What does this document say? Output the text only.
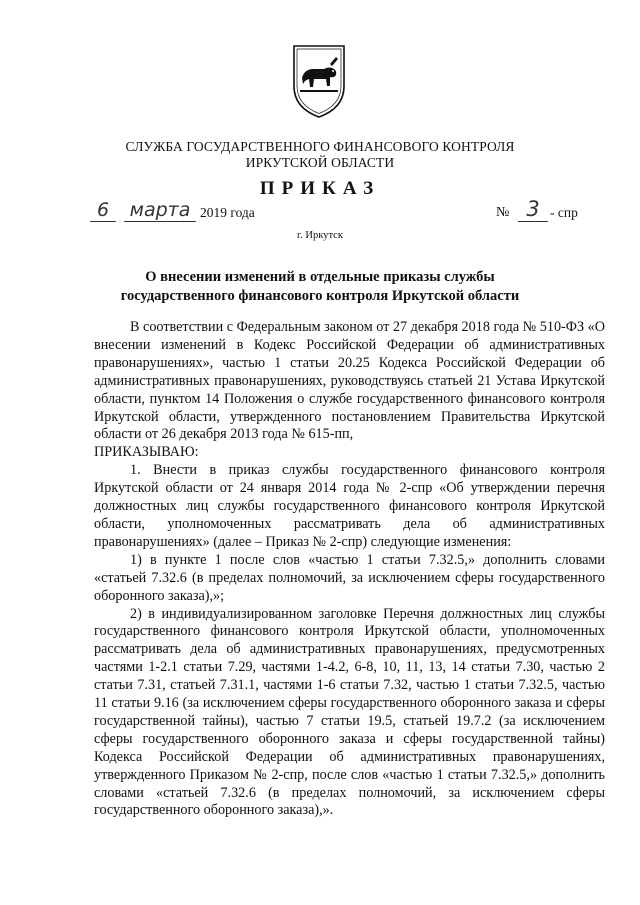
СЛУЖБА ГОСУДАРСТВЕННОГО ФИНАНСОВОГО КОНТРОЛЯ
ИРКУТСКОЙ ОБЛАСТИ
ПРИКАЗ
6	марта 2019 года	№ 3 - спр
г. Иркутск
О внесении изменений в отдельные приказы службы
государственного финансового контроля Иркутской области

В соответствии с Федеральным законом от 27 декабря 2018 года № 510-ФЗ «О внесении изменений в Кодекс Российской Федерации об административных правонарушениях», частью 1 статьи 20.25 Кодекса Российской Федерации об административных правонарушениях, руководствуясь статьей 21 Устава Иркутской области, пунктом 14 Положения о службе государственного финансового контроля Иркутской области, утвержденного постановлением Правительства Иркутской области от 26 декабря 2013 года № 615-пп,

ПРИКАЗЫВАЮ:

1. Внести в приказ службы государственного финансового контроля Иркутской области от 24 января 2014 года № 2-спр «Об утверждении перечня должностных лиц службы государственного финансового контроля Иркутской области, уполномоченных рассматривать дела об административных правонарушениях» (далее – Приказ № 2-спр) следующие изменения:

1) в пункте 1 после слов «частью 1 статьи 7.32.5,» дополнить словами «статьей 7.32.6 (в пределах полномочий, за исключением сферы государственного оборонного заказа),»;

2) в индивидуализированном заголовке Перечня должностных лиц службы государственного финансового контроля Иркутской области, уполномоченных рассматривать дела об административных правонарушениях, предусмотренных частями 1-2.1 статьи 7.29, частями 1-4.2, 6-8, 10, 11, 13, 14 статьи 7.30, частью 2 статьи 7.31, статьей 7.31.1, частями 1-6 статьи 7.32, частью 1 статьи 7.32.5, частью 11 статьи 9.16 (за исключением сферы государственного оборонного заказа и сферы государственной тайны), частью 7 статьи 19.5, статьей 19.7.2 (за исключением сферы государственного оборонного заказа и сферы государственной тайны) Кодекса Российской Федерации об административных правонарушениях, утвержденного Приказом № 2-спр, после слов «частью 1 статьи 7.32.5,» дополнить словами «статьей 7.32.6 (в пределах полномочий, за исключением сферы государственного оборонного заказа),».
